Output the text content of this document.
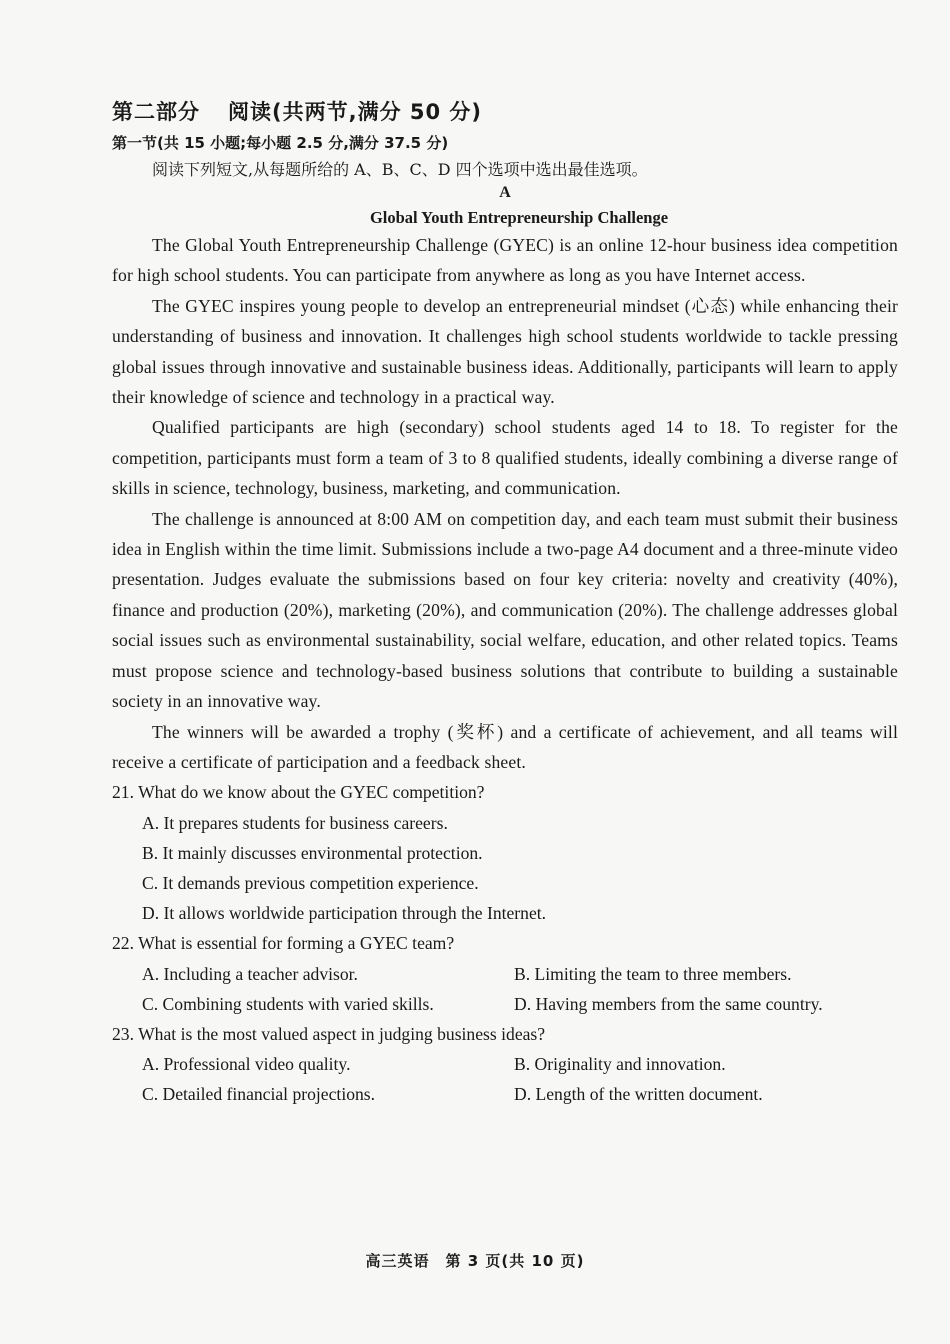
第二部分 阅读(共两节,满分 50 分)
第一节(共 15 小题;每小题 2.5 分,满分 37.5 分)
阅读下列短文,从每题所给的 A、B、C、D 四个选项中选出最佳选项。
A
Global Youth Entrepreneurship Challenge

The Global Youth Entrepreneurship Challenge (GYEC) is an online 12-hour business idea competition for high school students. You can participate from anywhere as long as you have Internet access.

The GYEC inspires young people to develop an entrepreneurial mindset (心态) while enhancing their understanding of business and innovation. It challenges high school students worldwide to tackle pressing global issues through innovative and sustainable business ideas. Additionally, participants will learn to apply their knowledge of science and technology in a practical way.

Qualified participants are high (secondary) school students aged 14 to 18. To register for the competition, participants must form a team of 3 to 8 qualified students, ideally combining a diverse range of skills in science, technology, business, marketing, and communication.

The challenge is announced at 8:00 AM on competition day, and each team must submit their business idea in English within the time limit. Submissions include a two-page A4 document and a three-minute video presentation. Judges evaluate the submissions based on four key criteria: novelty and creativity (40%), finance and production (20%), marketing (20%), and communication (20%). The challenge addresses global social issues such as environmental sustainability, social welfare, education, and other related topics. Teams must propose science and technology-based business solutions that contribute to building a sustainable society in an innovative way.

The winners will be awarded a trophy (奖杯) and a certificate of achievement, and all teams will receive a certificate of participation and a feedback sheet.

21. What do we know about the GYEC competition?
A. It prepares students for business careers.
B. It mainly discusses environmental protection.
C. It demands previous competition experience.
D. It allows worldwide participation through the Internet.
22. What is essential for forming a GYEC team?
A. Including a teacher advisor.	B. Limiting the team to three members.
C. Combining students with varied skills.	D. Having members from the same country.
23. What is the most valued aspect in judging business ideas?
A. Professional video quality.	B. Originality and innovation.
C. Detailed financial projections.	D. Length of the written document.
高三英语　第 3 页(共 10 页)
